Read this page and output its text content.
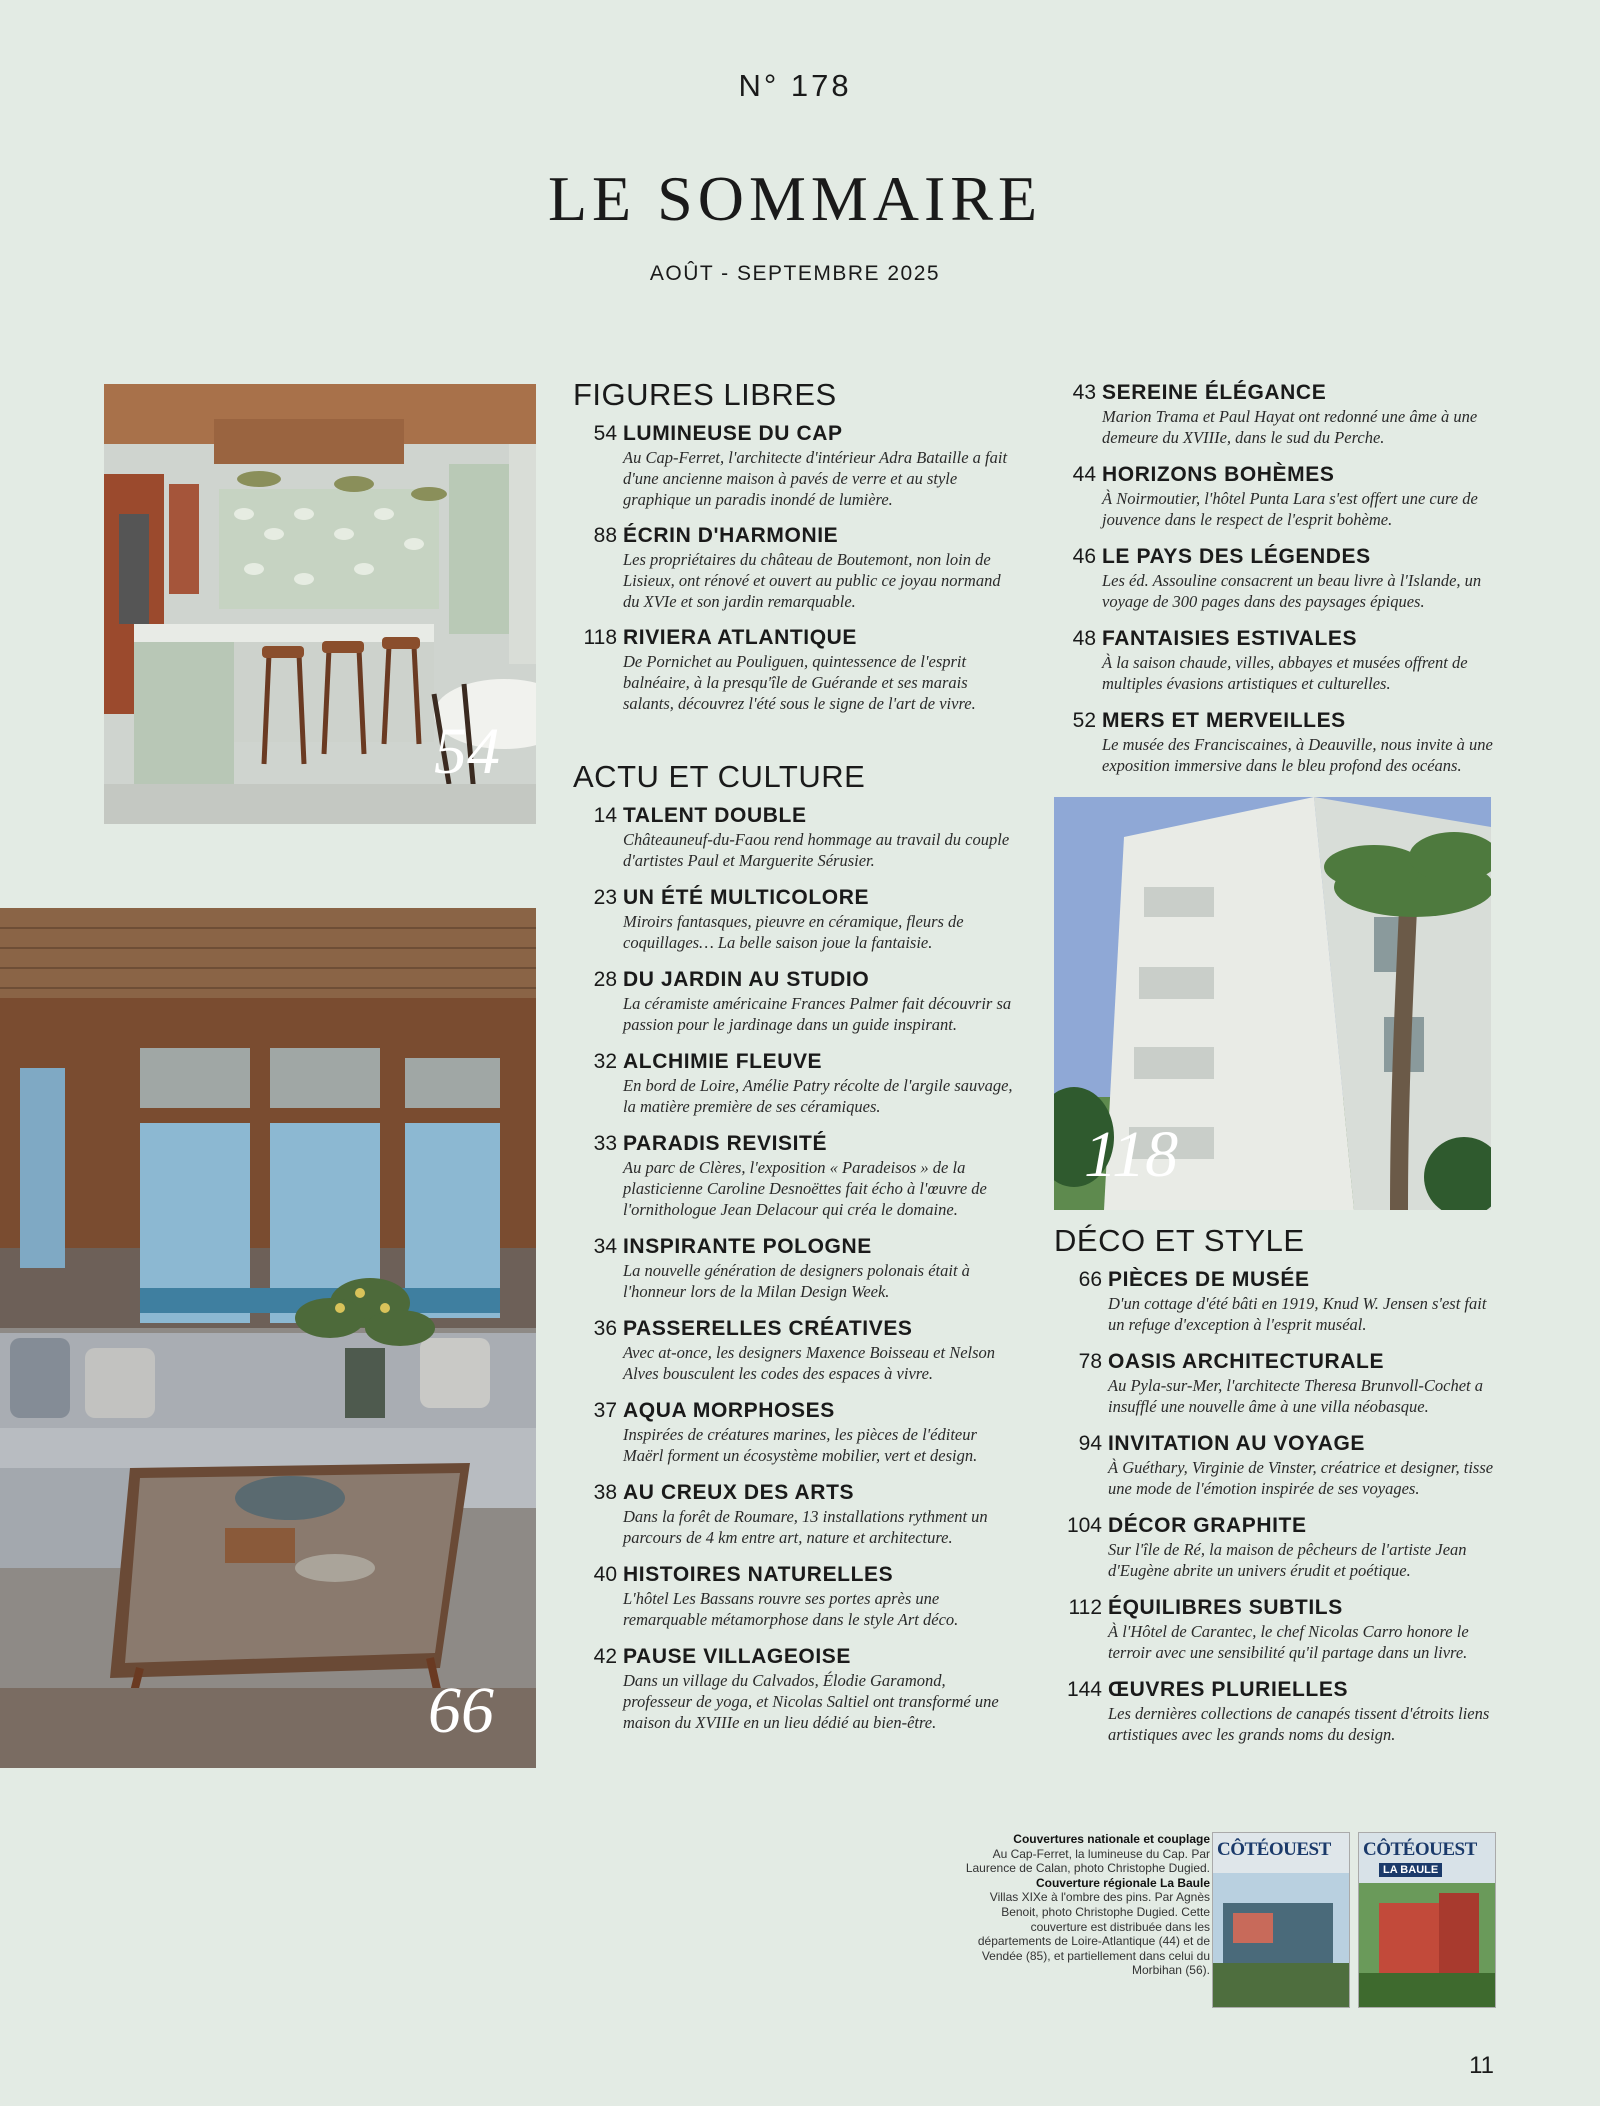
N° 178
LE SOMMAIRE
AOÛT - SEPTEMBRE 2025
54
66
118
FIGURES LIBRES
54 LUMINEUSE DU CAP
Au Cap-Ferret, l'architecte d'intérieur Adra Bataille a fait d'une ancienne maison à pavés de verre et au style graphique un paradis inondé de lumière.
88 ÉCRIN D'HARMONIE
Les propriétaires du château de Boutemont, non loin de Lisieux, ont rénové et ouvert au public ce joyau normand du XVIe et son jardin remarquable.
118 RIVIERA ATLANTIQUE
De Pornichet au Pouliguen, quintessence de l'esprit balnéaire, à la presqu'île de Guérande et ses marais salants, découvrez l'été sous le signe de l'art de vivre.
ACTU ET CULTURE
14 TALENT DOUBLE
Châteauneuf-du-Faou rend hommage au travail du couple d'artistes Paul et Marguerite Sérusier.
23 UN ÉTÉ MULTICOLORE
Miroirs fantasques, pieuvre en céramique, fleurs de coquillages… La belle saison joue la fantaisie.
28 DU JARDIN AU STUDIO
La céramiste américaine Frances Palmer fait découvrir sa passion pour le jardinage dans un guide inspirant.
32 ALCHIMIE FLEUVE
En bord de Loire, Amélie Patry récolte de l'argile sauvage, la matière première de ses céramiques.
33 PARADIS REVISITÉ
Au parc de Clères, l'exposition « Paradeisos » de la plasticienne Caroline Desnoëttes fait écho à l'œuvre de l'ornithologue Jean Delacour qui créa le domaine.
34 INSPIRANTE POLOGNE
La nouvelle génération de designers polonais était à l'honneur lors de la Milan Design Week.
36 PASSERELLES CRÉATIVES
Avec at-once, les designers Maxence Boisseau et Nelson Alves bousculent les codes des espaces à vivre.
37 AQUA MORPHOSES
Inspirées de créatures marines, les pièces de l'éditeur Maërl forment un écosystème mobilier, vert et design.
38 AU CREUX DES ARTS
Dans la forêt de Roumare, 13 installations rythment un parcours de 4 km entre art, nature et architecture.
40 HISTOIRES NATURELLES
L'hôtel Les Bassans rouvre ses portes après une remarquable métamorphose dans le style Art déco.
42 PAUSE VILLAGEOISE
Dans un village du Calvados, Élodie Garamond, professeur de yoga, et Nicolas Saltiel ont transformé une maison du XVIIIe en un lieu dédié au bien-être.
43 SEREINE ÉLÉGANCE
Marion Trama et Paul Hayat ont redonné une âme à une demeure du XVIIIe, dans le sud du Perche.
44 HORIZONS BOHÈMES
À Noirmoutier, l'hôtel Punta Lara s'est offert une cure de jouvence dans le respect de l'esprit bohème.
46 LE PAYS DES LÉGENDES
Les éd. Assouline consacrent un beau livre à l'Islande, un voyage de 300 pages dans des paysages épiques.
48 FANTAISIES ESTIVALES
À la saison chaude, villes, abbayes et musées offrent de multiples évasions artistiques et culturelles.
52 MERS ET MERVEILLES
Le musée des Franciscaines, à Deauville, nous invite à une exposition immersive dans le bleu profond des océans.
DÉCO ET STYLE
66 PIÈCES DE MUSÉE
D'un cottage d'été bâti en 1919, Knud W. Jensen s'est fait un refuge d'exception à l'esprit muséal.
78 OASIS ARCHITECTURALE
Au Pyla-sur-Mer, l'architecte Theresa Brunvoll-Cochet a insufflé une nouvelle âme à une villa néobasque.
94 INVITATION AU VOYAGE
À Guéthary, Virginie de Vinster, créatrice et designer, tisse une mode de l'émotion inspirée de ses voyages.
104 DÉCOR GRAPHITE
Sur l'île de Ré, la maison de pêcheurs de l'artiste Jean d'Eugène abrite un univers érudit et poétique.
112 ÉQUILIBRES SUBTILS
À l'Hôtel de Carantec, le chef Nicolas Carro honore le terroir avec une sensibilité qu'il partage dans un livre.
144 ŒUVRES PLURIELLES
Les dernières collections de canapés tissent d'étroits liens artistiques avec les grands noms du design.
Couvertures nationale et couplage
Au Cap-Ferret, la lumineuse du Cap. Par Laurence de Calan, photo Christophe Dugied.
Couverture régionale La Baule
Villas XIXe à l'ombre des pins. Par Agnès Benoit, photo Christophe Dugied. Cette couverture est distribuée dans les départements de Loire-Atlantique (44) et de Vendée (85), et partiellement dans celui du Morbihan (56).
CÔTÉOUEST CÔTÉOUEST
LA BAULE
11
